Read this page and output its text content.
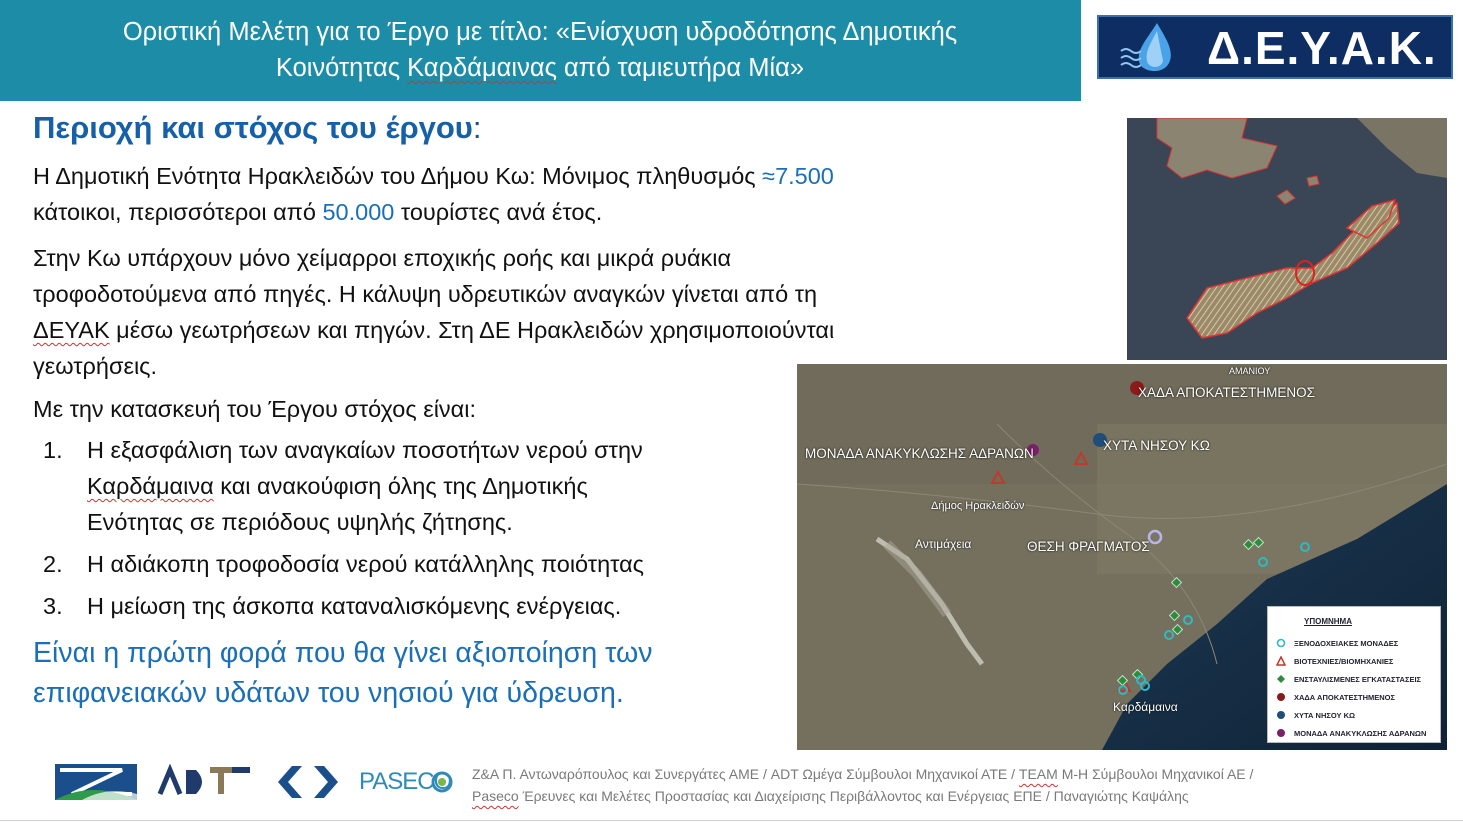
Οριστική Μελέτη για το Έργο με τίτλο: «Ενίσχυση υδροδότησης Δημοτικής
Κοινότητας Καρδάμαινας από ταμιευτήρα Μία»	Δ.Ε.Υ.Α.Κ.
Περιοχή και στόχος του έργου:
Η Δημοτική Ενότητα Ηρακλειδών του Δήμου Κω: Μόνιμος πληθυσμός ≈7.500
κάτοικοι, περισσότεροι από 50.000 τουρίστες ανά έτος.
Στην Κω υπάρχουν μόνο χείμαρροι εποχικής ροής και μικρά ρυάκια
τροφοδοτούμενα από πηγές. Η κάλυψη υδρευτικών αναγκών γίνεται από τη
ΔΕΥΑΚ μέσω γεωτρήσεων και πηγών. Στη ΔΕ Ηρακλειδών χρησιμοποιούνται
γεωτρήσεις.
Με την κατασκευή του Έργου στόχος είναι:
1.	Η εξασφάλιση των αναγκαίων ποσοτήτων νερού στην
Καρδάμαινα και ανακούφιση όλης της Δημοτικής
Ενότητας σε περιόδους υψηλής ζήτησης.
2.	Η αδιάκοπη τροφοδοσία νερού κατάλληλης ποιότητας
3.	Η μείωση της άσκοπα καταναλισκόμενης ενέργειας.
Είναι η πρώτη φορά που θα γίνει αξιοποίηση των
επιφανειακών υδάτων του νησιού για ύδρευση.
ΧΑΔΑ ΑΠΟΚΑΤΕΣΤΗΜΕΝΟΣ
ΧΥΤΑ ΝΗΣΟΥ ΚΩ
ΜΟΝΑΔΑ ΑΝΑΚΥΚΛΩΣΗΣ ΑΔΡΑΝΩΝ
ΘΕΣΗ ΦΡΑΓΜΑΤΟΣ
Δήμος Ηρακλειδών
Αντιμάχεια
Καρδάμαινα
ΑΜΑΝΙΟΥ
ΥΠΟΜΝΗΜΑ
ΞΕΝΟΔΟΧΕΙΑΚΕΣ ΜΟΝΑΔΕΣ
ΒΙΟΤΕΧΝΙΕΣ/ΒΙΟΜΗΧΑΝΙΕΣ
ΕΝΣΤΑΥΛΙΣΜΕΝΕΣ ΕΓΚΑΤΑΣΤΑΣΕΙΣ
ΧΑΔΑ ΑΠΟΚΑΤΕΣΤΗΜΕΝΟΣ
ΧΥΤΑ ΝΗΣΟΥ ΚΩ
ΜΟΝΑΔΑ ΑΝΑΚΥΚΛΩΣΗΣ ΑΔΡΑΝΩΝ
PASECO Ζ&Α Π. Αντωναρόπουλος και Συνεργάτες ΑΜΕ / ADT Ωμέγα Σύμβουλοι Μηχανικοί ΑΤΕ / TEAM Μ-Η Σύμβουλοι Μηχανικοί ΑΕ /
Paseco Έρευνες και Μελέτες Προστασίας και Διαχείρισης Περιβάλλοντος και Ενέργειας ΕΠΕ / Παναγιώτης Καψάλης
